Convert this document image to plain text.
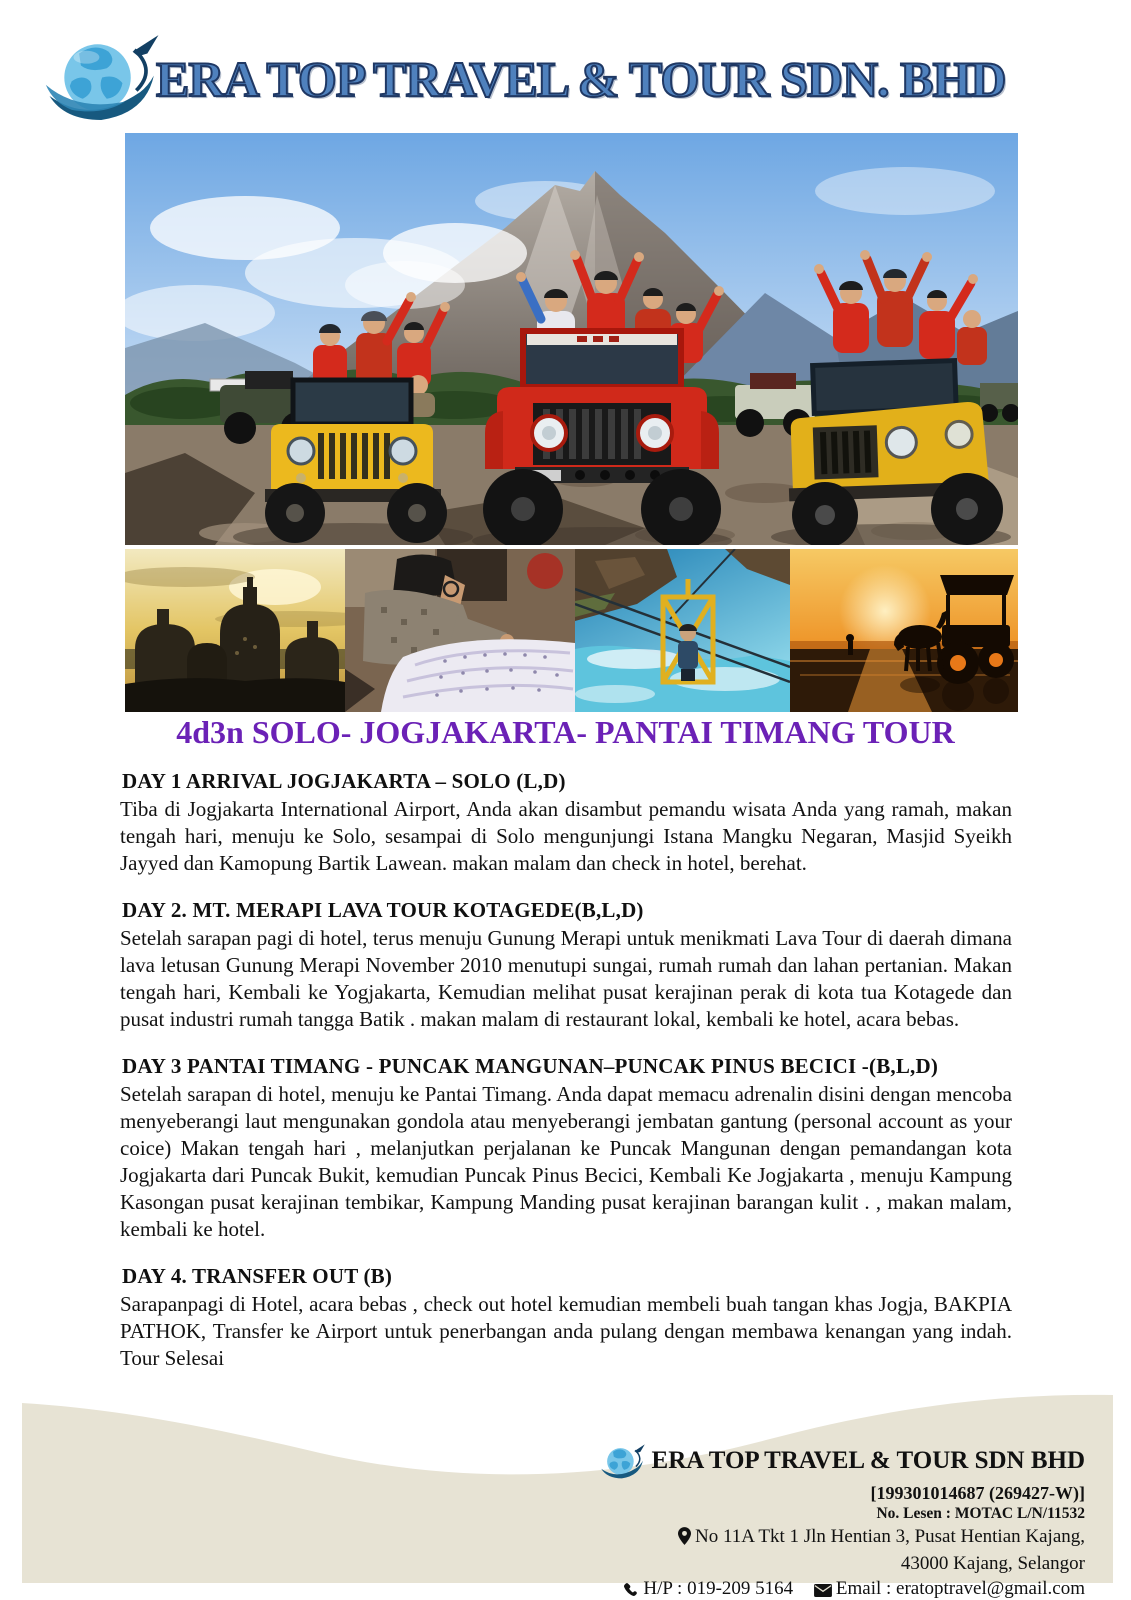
ERA TOP TRAVEL & TOUR SDN. BHD
4d3n SOLO- JOGJAKARTA- PANTAI TIMANG TOUR
DAY 1 ARRIVAL JOGJAKARTA – SOLO (L,D)

Tiba di Jogjakarta International Airport, Anda akan disambut pemandu wisata Anda yang ramah, makan tengah hari, menuju ke Solo, sesampai di Solo mengunjungi Istana Mangku Negaran, Masjid Syeikh Jayyed dan Kamopung Bartik Lawean. makan malam dan check in hotel, berehat.

DAY 2. MT. MERAPI LAVA TOUR KOTAGEDE(B,L,D)

Setelah sarapan pagi di hotel, terus menuju Gunung Merapi untuk menikmati Lava Tour di daerah dimana lava letusan Gunung Merapi November 2010 menutupi sungai, rumah rumah dan lahan pertanian. Makan tengah hari, Kembali ke Yogjakarta, Kemudian melihat pusat kerajinan perak di kota tua Kotagede dan pusat industri rumah tangga Batik . makan malam di restaurant lokal, kembali ke hotel, acara bebas.

DAY 3 PANTAI TIMANG - PUNCAK MANGUNAN–PUNCAK PINUS BECICI -(B,L,D)

Setelah sarapan di hotel, menuju ke Pantai Timang. Anda dapat memacu adrenalin disini dengan mencoba menyeberangi laut mengunakan gondola atau menyeberangi jembatan gantung (personal account as your coice) Makan tengah hari , melanjutkan perjalanan ke Puncak Mangunan dengan pemandangan kota Jogjakarta dari Puncak Bukit, kemudian Puncak Pinus Becici, Kembali Ke Jogjakarta , menuju Kampung Kasongan pusat kerajinan tembikar, Kampung Manding pusat kerajinan barangan kulit . , makan malam, kembali ke hotel.

DAY 4. TRANSFER OUT (B)

Sarapanpagi di Hotel, acara bebas , check out hotel kemudian membeli buah tangan khas Jogja, BAKPIA PATHOK, Transfer ke Airport untuk penerbangan anda pulang dengan membawa kenangan yang indah. Tour Selesai

ERA TOP TRAVEL & TOUR SDN BHD
[199301014687 (269427-W)]
No. Lesen : MOTAC L/N/11532
No 11A Tkt 1 Jln Hentian 3, Pusat Hentian Kajang,
43000 Kajang, Selangor
H/P : 019-209 5164 Email : eratoptravel@gmail.com
